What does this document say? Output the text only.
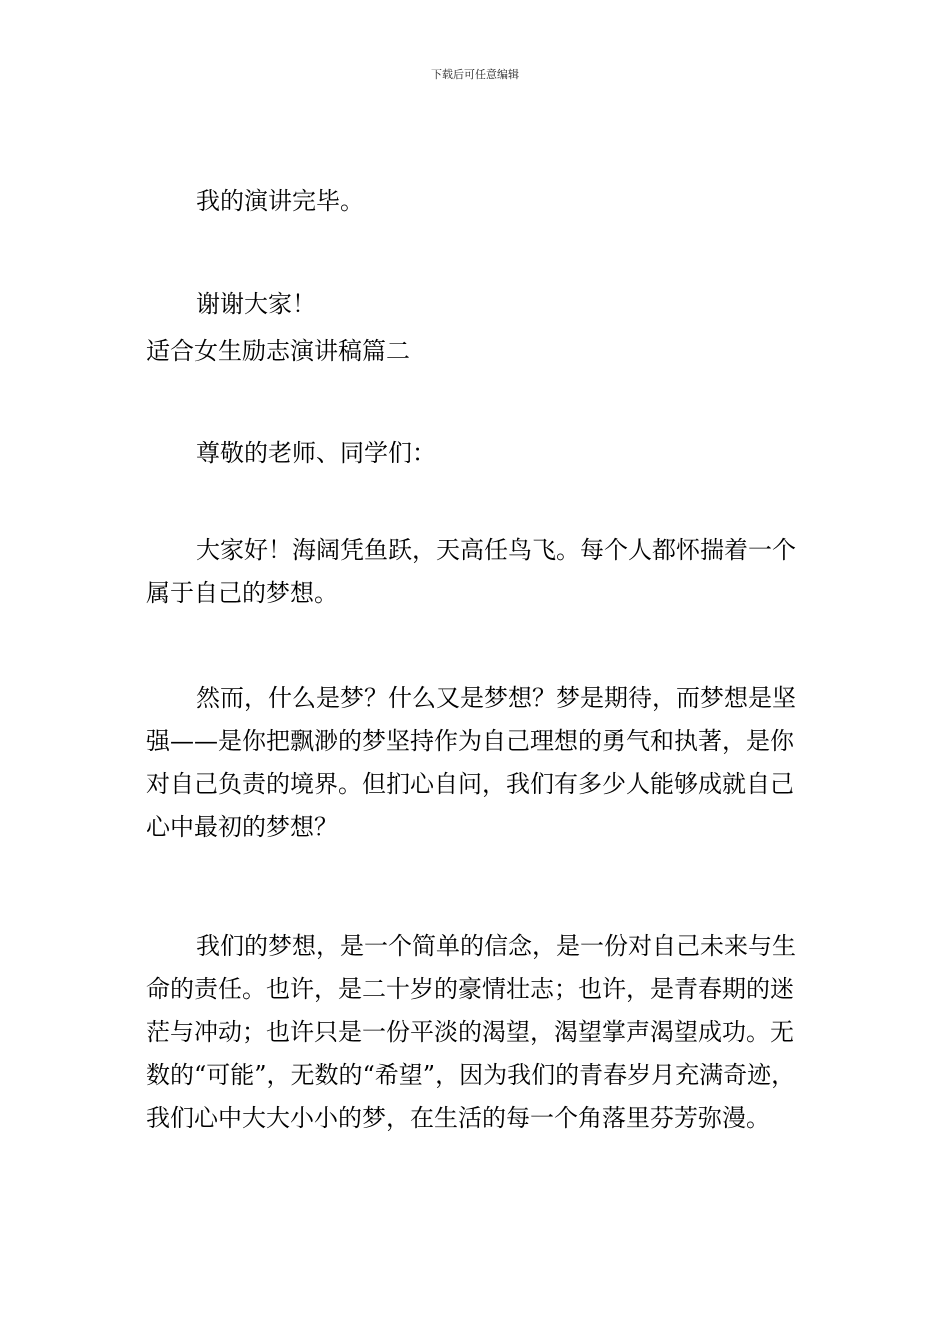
下载后可任意编辑

我的演讲完毕。

谢谢大家！

适合女生励志演讲稿篇二

尊敬的老师、同学们：

大家好！海阔凭鱼跃，天高任鸟飞。每个人都怀揣着一个属于自己的梦想。

然而，什么是梦？什么又是梦想？梦是期待，而梦想是坚强——是你把飘渺的梦坚持作为自己理想的勇气和执著，是你对自己负责的境界。但扪心自问，我们有多少人能够成就自己心中最初的梦想？

我们的梦想，是一个简单的信念，是一份对自己未来与生命的责任。也许，是二十岁的豪情壮志；也许，是青春期的迷茫与冲动；也许只是一份平淡的渴望，渴望掌声渴望成功。无数的“可能”，无数的“希望”，因为我们的青春岁月充满奇迹，我们心中大大小小的梦，在生活的每一个角落里芬芳弥漫。
